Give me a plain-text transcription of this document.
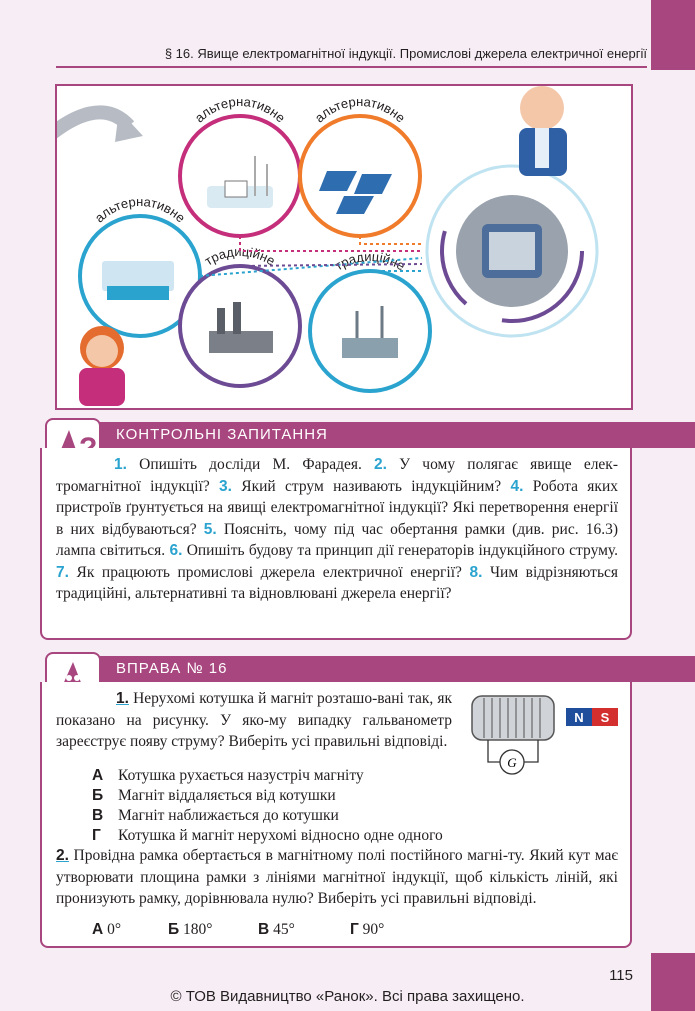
§ 16. Явище електромагнітної індукції. Промислові джерела електричної енергії
альтернативне альтернативне
альтернативне
традиційне	традиційне
КОНТРОЛЬНІ ЗАПИТАННЯ
1. Опишіть досліди М. Фарадея. 2. У чому полягає явище елек-тромагнітної індукції? 3. Який струм називають індукційним? 4. Робота яких пристроїв ґрунтується на явищі електромагнітної індукції? Які перетворення енергії в них відбуваються? 5. Поясніть, чому під час обертання рамки (див. рис. 16.3) лампа світиться. 6. Опишіть будову та принцип дії генераторів індукційного струму. 7. Як працюють промислові джерела електричної енергії? 8. Чим відрізняються традиційні, альтернативні та відновлювані джерела енергії?
ВПРАВА № 16
1. Нерухомі котушка й магніт розташо-вані так, як показано на рисунку. У яко-му випадку гальванометр зареєструє появу струму? Виберіть усі правильні відповіді.
G
N S
А Котушка рухається назустріч магніту
Б Магніт віддаляється від котушки
В Магніт наближається до котушки
Г Котушка й магніт нерухомі відносно одне одного
2. Провідна рамка обертається в магнітному полі постійного магні-ту. Який кут має утворювати площина рамки з лініями магнітної індукції, щоб кількість ліній, які пронизують рамку, дорівнювала нулю? Виберіть усі правильні відповіді.
А 0°	Б 180°	В 45°	Г 90°
115
© ТОВ Видавництво «Ранок». Всі права захищено.
